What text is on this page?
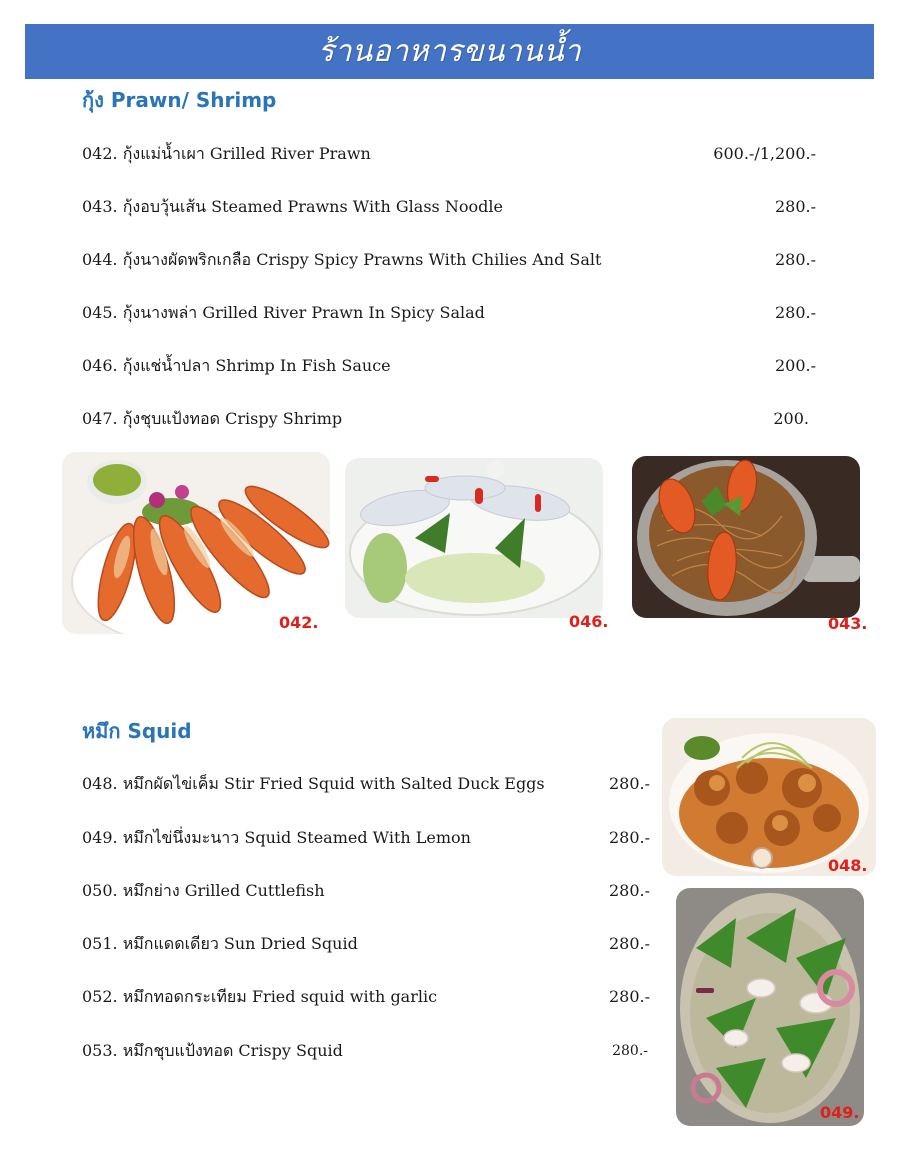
ร้านอาหารขนานน้ำ
กุ้ง Prawn/ Shrimp
042. กุ้งแม่น้ำเผา Grilled River Prawn	600.-/1,200.-
043. กุ้งอบวุ้นเส้น Steamed Prawns With Glass Noodle	280.-
044. กุ้งนางผัดพริกเกลือ Crispy Spicy Prawns With Chilies And Salt	280.-
045. กุ้งนางพล่า Grilled River Prawn In Spicy Salad	280.-
046. กุ้งแช่น้ำปลา Shrimp In Fish Sauce	200.-
047. กุ้งชุบแป้งทอด Crispy Shrimp	200.
042.	046.	043.
หมึก Squid
048. หมึกผัดไข่เค็ม Stir Fried Squid with Salted Duck Eggs	280.-
049. หมึกไข่นึ่งมะนาว Squid Steamed With Lemon	280.-
050. หมึกย่าง Grilled Cuttlefish	280.-
051. หมึกแดดเดียว Sun Dried Squid	280.-
052. หมึกทอดกระเทียม Fried squid with garlic	280.-
053. หมึกชุบแป้งทอด Crispy Squid	280.-
048.
049.
